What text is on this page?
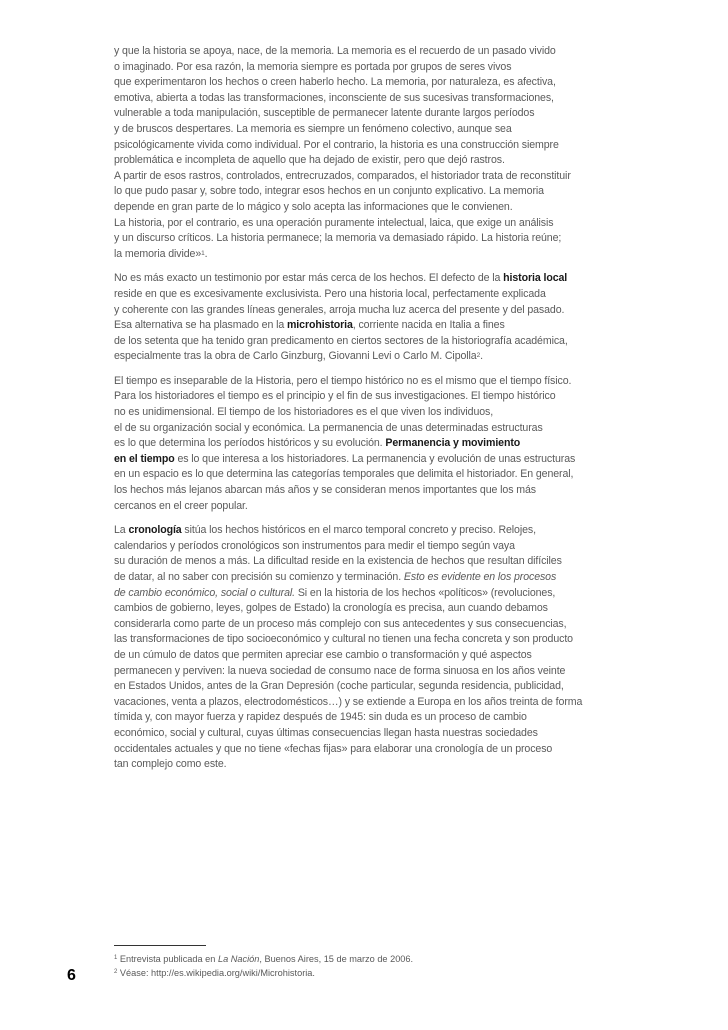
y que la historia se apoya, nace, de la memoria. La memoria es el recuerdo de un pasado vivido
o imaginado. Por esa razón, la memoria siempre es portada por grupos de seres vivos
que experimentaron los hechos o creen haberlo hecho. La memoria, por naturaleza, es afectiva,
emotiva, abierta a todas las transformaciones, inconsciente de sus sucesivas transformaciones,
vulnerable a toda manipulación, susceptible de permanecer latente durante largos períodos
y de bruscos despertares. La memoria es siempre un fenómeno colectivo, aunque sea
psicológicamente vivida como individual. Por el contrario, la historia es una construcción siempre
problemática e incompleta de aquello que ha dejado de existir, pero que dejó rastros.
A partir de esos rastros, controlados, entrecruzados, comparados, el historiador trata de reconstituir
lo que pudo pasar y, sobre todo, integrar esos hechos en un conjunto explicativo. La memoria
depende en gran parte de lo mágico y solo acepta las informaciones que le convienen.
La historia, por el contrario, es una operación puramente intelectual, laica, que exige un análisis
y un discurso críticos. La historia permanece; la memoria va demasiado rápido. La historia reúne;
la memoria divide»$^1$.
No es más exacto un testimonio por estar más cerca de los hechos. El defecto de la historia local
reside en que es excesivamente exclusivista. Pero una historia local, perfectamente explicada
y coherente con las grandes líneas generales, arroja mucha luz acerca del presente y del pasado.
Esa alternativa se ha plasmado en la microhistoria, corriente nacida en Italia a fines
de los setenta que ha tenido gran predicamento en ciertos sectores de la historiografía académica,
especialmente tras la obra de Carlo Ginzburg, Giovanni Levi o Carlo M. Cipolla$^2$.
El tiempo es inseparable de la Historia, pero el tiempo histórico no es el mismo que el tiempo físico.
Para los historiadores el tiempo es el principio y el fin de sus investigaciones. El tiempo histórico
no es unidimensional. El tiempo de los historiadores es el que viven los individuos,
el de su organización social y económica. La permanencia de unas determinadas estructuras
es lo que determina los períodos históricos y su evolución. Permanencia y movimiento
en el tiempo es lo que interesa a los historiadores. La permanencia y evolución de unas estructuras
en un espacio es lo que determina las categorías temporales que delimita el historiador. En general,
los hechos más lejanos abarcan más años y se consideran menos importantes que los más
cercanos en el creer popular.
La cronología sitúa los hechos históricos en el marco temporal concreto y preciso. Relojes,
calendarios y períodos cronológicos son instrumentos para medir el tiempo según vaya
su duración de menos a más. La dificultad reside en la existencia de hechos que resultan difíciles
de datar, al no saber con precisión su comienzo y terminación. Esto es evidente en los procesos
de cambio económico, social o cultural. Si en la historia de los hechos «políticos» (revoluciones,
cambios de gobierno, leyes, golpes de Estado) la cronología es precisa, aun cuando debamos
considerarla como parte de un proceso más complejo con sus antecedentes y sus consecuencias,
las transformaciones de tipo socioeconómico y cultural no tienen una fecha concreta y son producto
de un cúmulo de datos que permiten apreciar ese cambio o transformación y qué aspectos
permanecen y perviven: la nueva sociedad de consumo nace de forma sinuosa en los años veinte
en Estados Unidos, antes de la Gran Depresión (coche particular, segunda residencia, publicidad,
vacaciones, venta a plazos, electrodomésticos…) y se extiende a Europa en los años treinta de forma
tímida y, con mayor fuerza y rapidez después de 1945: sin duda es un proceso de cambio
económico, social y cultural, cuyas últimas consecuencias llegan hasta nuestras sociedades
occidentales actuales y que no tiene «fechas fijas» para elaborar una cronología de un proceso
tan complejo como este.
$^1$ Entrevista publicada en La Nación, Buenos Aires, 15 de marzo de 2006.
$^2$ Véase: http://es.wikipedia.org/wiki/Microhistoria.
6
